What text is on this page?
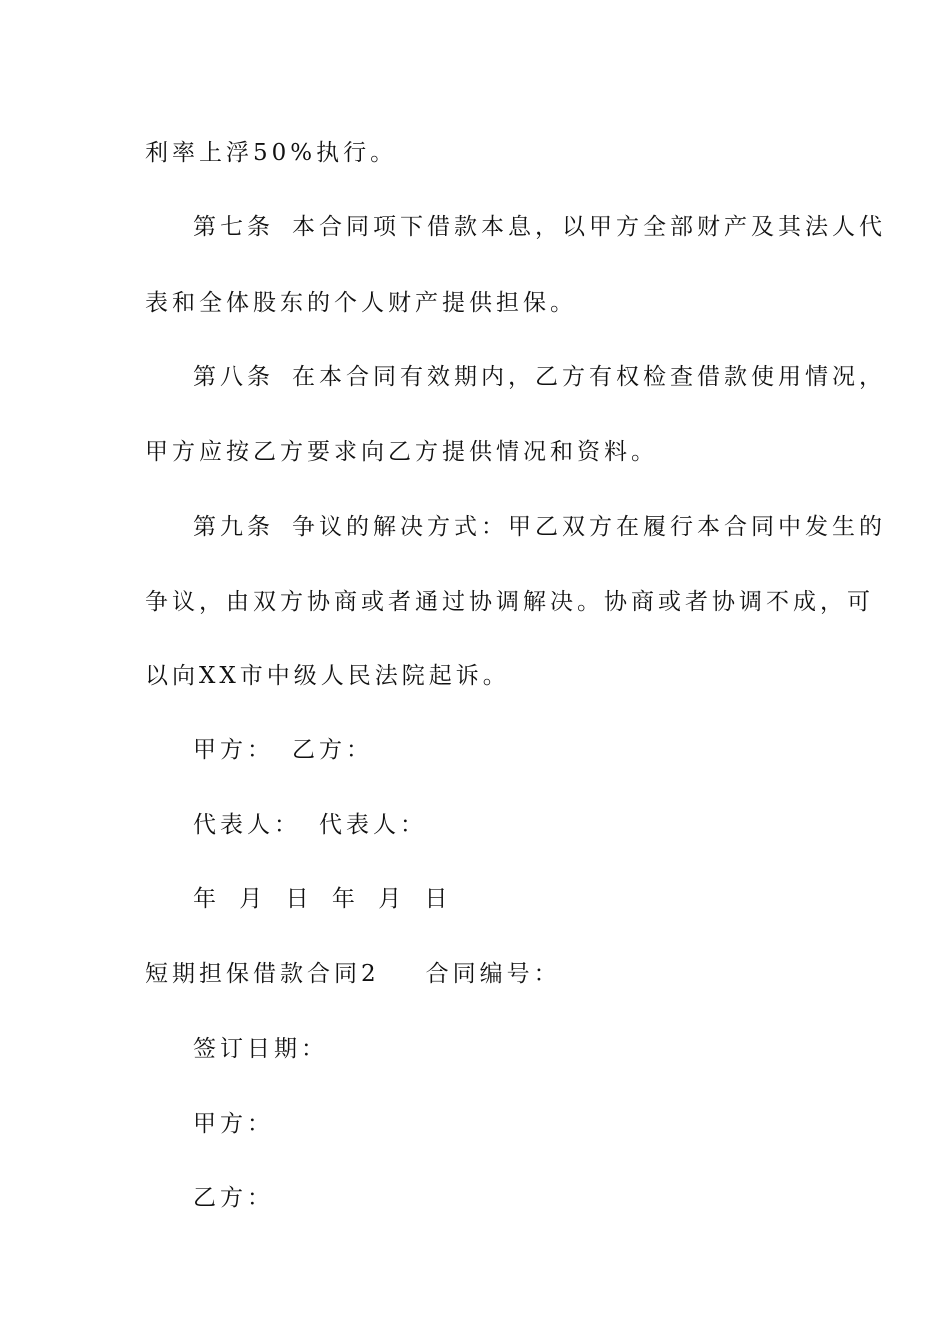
利率上浮50%执行。
第七条 本合同项下借款本息，以甲方全部财产及其法人代
表和全体股东的个人财产提供担保。
第八条 在本合同有效期内，乙方有权检查借款使用情况，
甲方应按乙方要求向乙方提供情况和资料。
第九条 争议的解决方式：甲乙双方在履行本合同中发生的
争议，由双方协商或者通过协调解决。协商或者协调不成，可
以向XX市中级人民法院起诉。
甲方： 乙方：
代表人： 代表人：
年 月 日 年 月 日
短期担保借款合同2 合同编号：
签订日期：
甲方：
乙方：
